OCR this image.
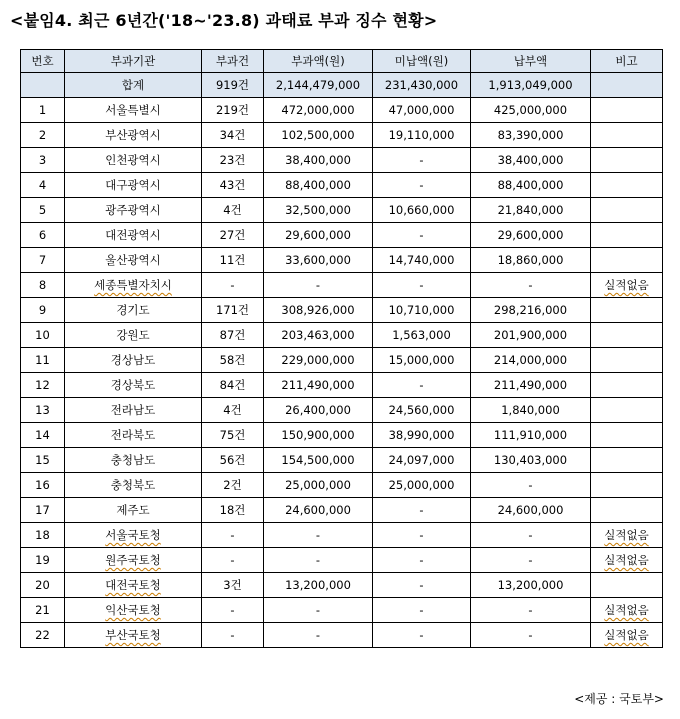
<붙임4. 최근 6년간('18~'23.8) 과태료 부과 징수 현황>
번호	부과기관	부과건	부과액(원)	미납액(원)	납부액	비고
	합계	919건	2,144,479,000	231,430,000	1,913,049,000	
1	서울특별시	219건	472,000,000	47,000,000	425,000,000	
2	부산광역시	34건	102,500,000	19,110,000	83,390,000	
3	인천광역시	23건	38,400,000	-	38,400,000	
4	대구광역시	43건	88,400,000	-	88,400,000	
5	광주광역시	4건	32,500,000	10,660,000	21,840,000	
6	대전광역시	27건	29,600,000	-	29,600,000	
7	울산광역시	11건	33,600,000	14,740,000	18,860,000	
8	세종특별자치시	-	-	-	-	실적없음
9	경기도	171건	308,926,000	10,710,000	298,216,000	
10	강원도	87건	203,463,000	1,563,000	201,900,000	
11	경상남도	58건	229,000,000	15,000,000	214,000,000	
12	경상북도	84건	211,490,000	-	211,490,000	
13	전라남도	4건	26,400,000	24,560,000	1,840,000	
14	전라북도	75건	150,900,000	38,990,000	111,910,000	
15	충청남도	56건	154,500,000	24,097,000	130,403,000	
16	충청북도	2건	25,000,000	25,000,000	-	
17	제주도	18건	24,600,000	-	24,600,000	
18	서울국토청	-	-	-	-	실적없음
19	원주국토청	-	-	-	-	실적없음
20	대전국토청	3건	13,200,000	-	13,200,000	
21	익산국토청	-	-	-	-	실적없음
22	부산국토청	-	-	-	-	실적없음
<제공 : 국토부>
